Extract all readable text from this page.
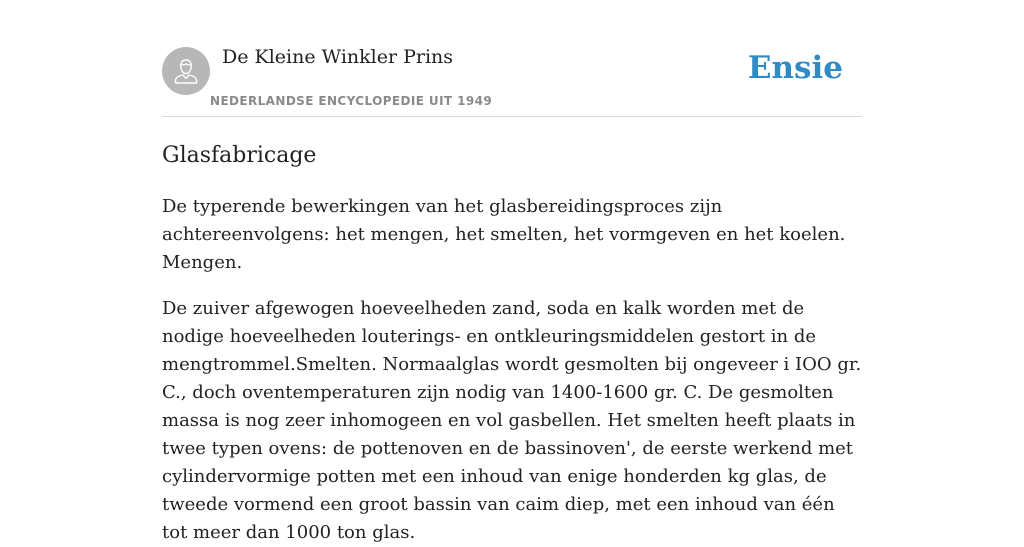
De Kleine Winkler Prins
NEDERLANDSE ENCYCLOPEDIE UIT 1949
Ensie
Glasfabricage

De typerende bewerkingen van het glasbereidingsproces zijn achtereenvolgens: het mengen, het smelten, het vormgeven en het koelen. Mengen.

De zuiver afgewogen hoeveelheden zand, soda en kalk worden met de nodige hoeveelheden louterings- en ontkleuringsmiddelen gestort in de mengtrommel.Smelten. Normaalglas wordt gesmolten bij ongeveer i IOO gr. C., doch oventemperaturen zijn nodig van 1400-1600 gr. C. De gesmolten massa is nog zeer inhomogeen en vol gasbellen. Het smelten heeft plaats in twee typen ovens: de pottenoven en de bassinoven', de eerste werkend met cylindervormige potten met een inhoud van enige honderden kg glas, de tweede vormend een groot bassin van caim diep, met een inhoud van één tot meer dan 1000 ton glas.
